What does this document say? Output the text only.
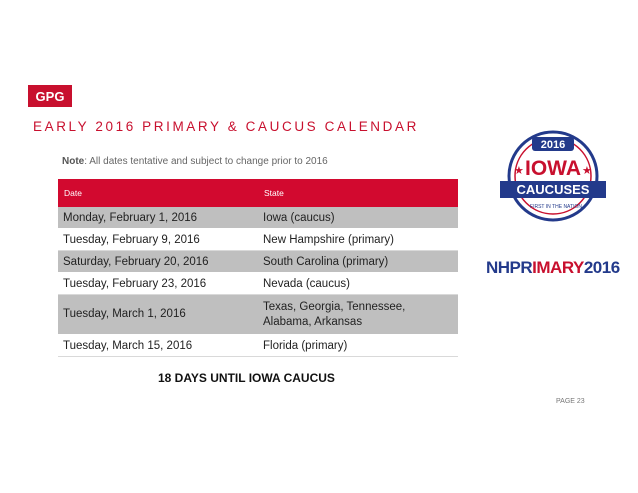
GPG
EARLY 2016 PRIMARY & CAUCUS CALENDAR
Note: All dates tentative and subject to change prior to 2016
Date	State
Monday, February 1, 2016	Iowa (caucus)
Tuesday, February 9, 2016	New Hampshire (primary)
Saturday, February 20, 2016	South Carolina (primary)
Tuesday, February 23, 2016	Nevada (caucus)
Tuesday, March 1, 2016	Texas, Georgia, Tennessee, Alabama, Arkansas
Tuesday, March 15, 2016	Florida (primary)
18 DAYS UNTIL IOWA CAUCUS
PAGE 23
2016
★	★
IOWA
CAUCUSES
FIRST IN THE NATION
NHPRIMARY2016
